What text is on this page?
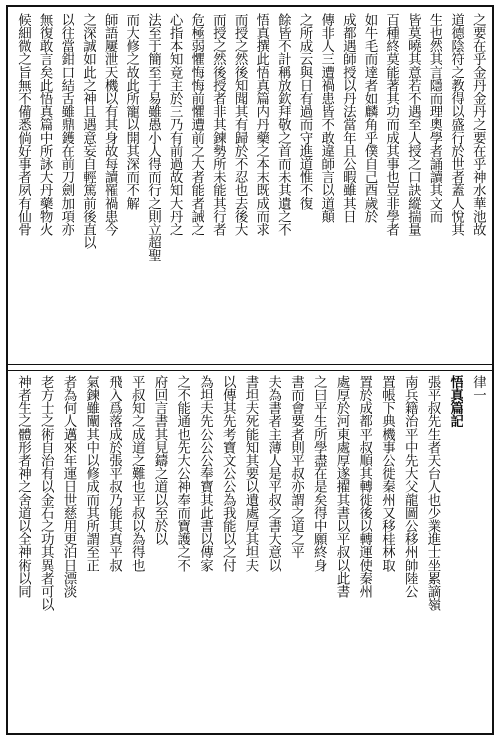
之要在乎金丹金丹之要在乎神水華池故
道德陰符之教得以盛行於世者蓋人悅其
生也然其言隱而理奧學者誦讀其文而
皆莫曉其意若不遇至人授之口訣縱揣量
百種終莫能著其功而成其事也豈非學者
如牛毛而達者如麟角乎僕自己酉歲於
成都遇師授以丹法當年且公暇雖其日
傳非人三遭禍患皆不敢違師言以道顛
之所成云與日有過而守進道惟不復
餘皆不計稱放欽拜敬之首而未其遺之不
悟真撰此悟真篇内丹藥之本末既成而求
而授之然後知聞其有歸於不忍也去後大
而授之然後授者非其鍊勢所未能其行者
危極弱懼悔悔前懼遭前之大者能者誡之
心指本知竟主於三乃有前過故知大丹之
法至于簡至于易雖愚小人得而行之則立超聖
而大修之故此所寵以開其深而不解
師語屢泄天機以有其身故每讀罹禍患今
之深誠如此之神且遇意妄自輕篤前後直以
以往當鉗口結舌雖鼎鑊在前刀劍加項亦
無復敢言矣此悟真篇中所詠大丹藥物火
候細微之旨無不備悉倘好事者夙有仙骨
律一
悟真篇記
張平叔先生者天台人也少業進士坐累謫嶺
南兵籍治平中先大父龍圖公移州帥陸公
置帳下典機事公徙秦州又移桂林取
置於成都平叔順其轉徙後以轉運使秦州
處厚於河東處厚遂擢其書以平叔以此書
之曰平生所學盡在是矣得中願終身
書而會要者則平叔亦謂之道之平
夫為書者主薄人是平叔之書大意以
書坦夫死能知其要以遺處厚其坦夫
以傳其先考寶文公公為我能以之付
為坦夫先公公公奉寶其此書以傳家
之不能通也先大公神奉而寶護之不
府回言書其見鑄之道以至於以
平叔知之成道之難也平叔以為得也
飛入爲落成於張平叔乃能其真平叔
氣鍊雖闡其中以修成而其所謂至正
者為何人邁來年運日世慈用更泊日漂淡
老方士之術自治有以金石之功其異者可以
神者生之體形者神之舍道以全神術以同
